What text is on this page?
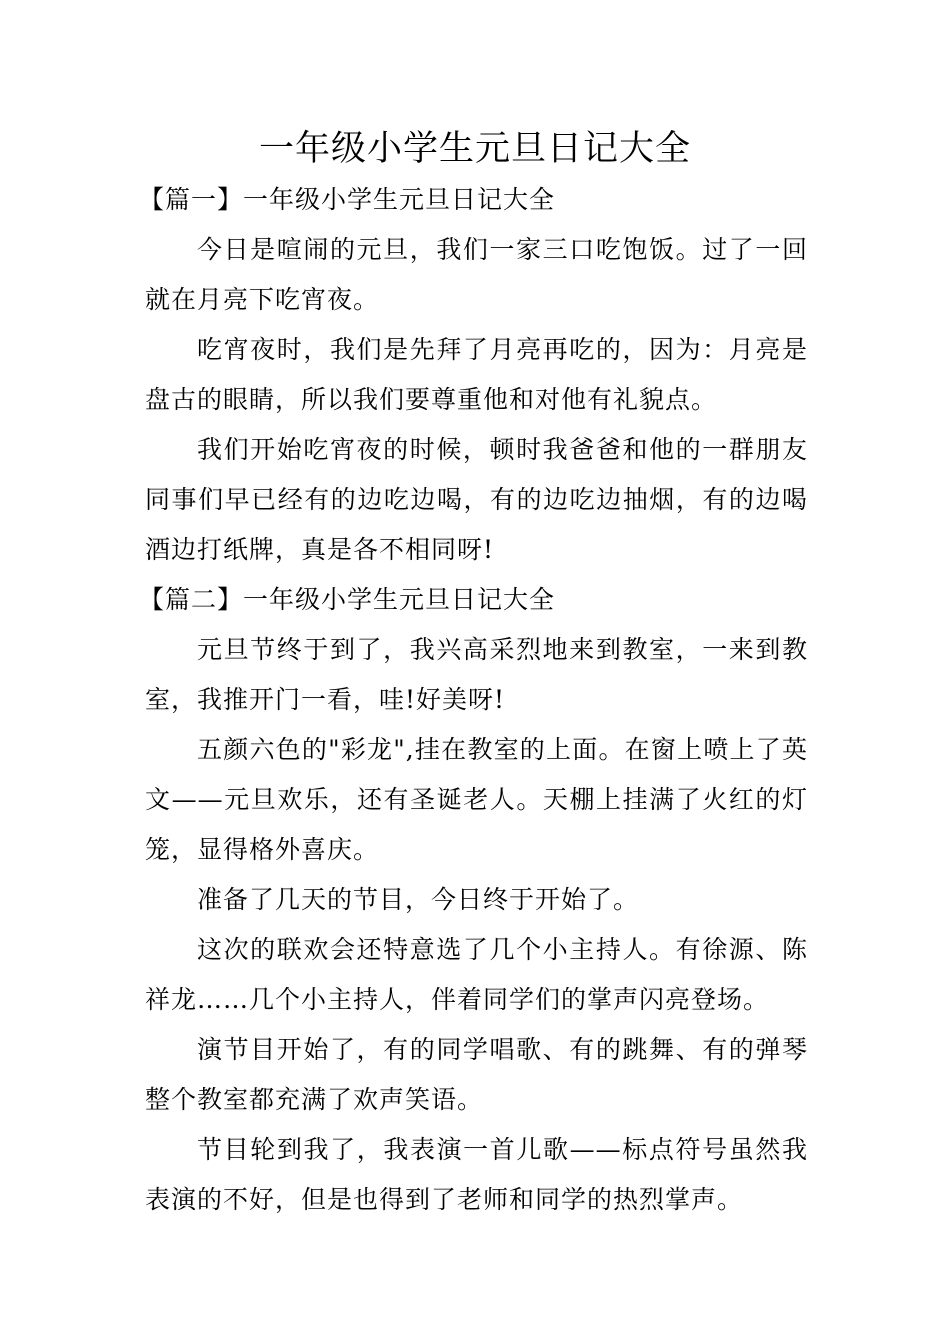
一年级小学生元旦日记大全
【篇一】一年级小学生元旦日记大全

今日是喧闹的元旦，我们一家三口吃饱饭。过了一回就在月亮下吃宵夜。

吃宵夜时，我们是先拜了月亮再吃的，因为：月亮是盘古的眼睛，所以我们要尊重他和对他有礼貌点。

我们开始吃宵夜的时候，顿时我爸爸和他的一群朋友同事们早已经有的边吃边喝，有的边吃边抽烟，有的边喝酒边打纸牌，真是各不相同呀!

【篇二】一年级小学生元旦日记大全

元旦节终于到了，我兴高采烈地来到教室，一来到教室，我推开门一看，哇!好美呀!

五颜六色的"彩龙",挂在教室的上面。在窗上喷上了英文——元旦欢乐，还有圣诞老人。天棚上挂满了火红的灯笼，显得格外喜庆。

准备了几天的节目，今日终于开始了。

这次的联欢会还特意选了几个小主持人。有徐源、陈祥龙……几个小主持人，伴着同学们的掌声闪亮登场。

演节目开始了，有的同学唱歌、有的跳舞、有的弹琴整个教室都充满了欢声笑语。

节目轮到我了，我表演一首儿歌——标点符号虽然我表演的不好，但是也得到了老师和同学的热烈掌声。
